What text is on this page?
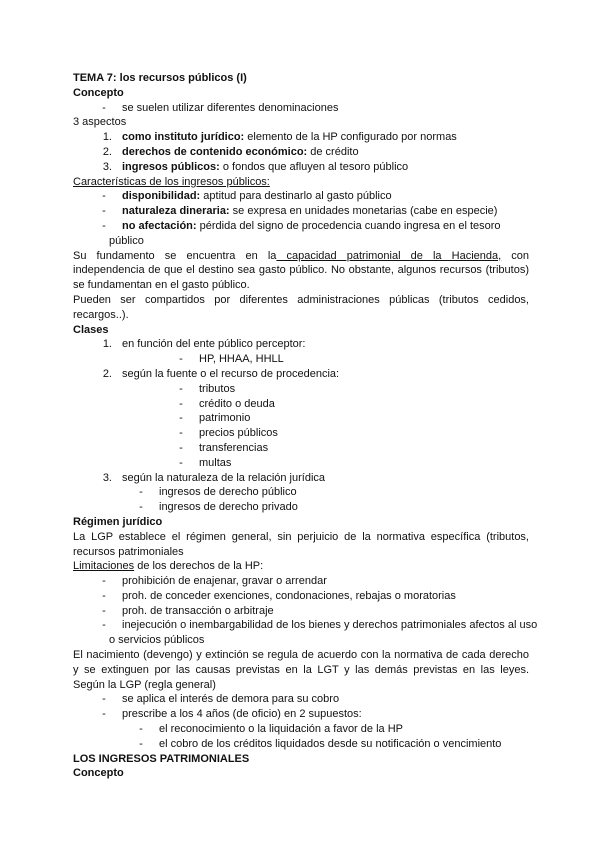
TEMA 7: los recursos públicos (I)
Concepto
- se suelen utilizar diferentes denominaciones
3 aspectos
1. como instituto jurídico: elemento de la HP configurado por normas
2. derechos de contenido económico: de crédito
3. ingresos públicos: o fondos que afluyen al tesoro público
Características de los ingresos públicos:
- disponibilidad: aptitud para destinarlo al gasto público
- naturaleza dineraria: se expresa en unidades monetarias (cabe en especie)
- no afectación: pérdida del signo de procedencia cuando ingresa en el tesoro
público
Su fundamento se encuentra en la capacidad patrimonial de la Hacienda, con
independencia de que el destino sea gasto público. No obstante, algunos recursos (tributos)
se fundamentan en el gasto público.
Pueden ser compartidos por diferentes administraciones públicas (tributos cedidos,
recargos..).
Clases
1. en función del ente público perceptor:
- HP, HHAA, HHLL
2. según la fuente o el recurso de procedencia:
- tributos
- crédito o deuda
- patrimonio
- precios públicos
- transferencias
- multas
3. según la naturaleza de la relación jurídica
- ingresos de derecho público
- ingresos de derecho privado
Régimen jurídico
La LGP establece el régimen general, sin perjuicio de la normativa específica (tributos,
recursos patrimoniales
Limitaciones de los derechos de la HP:
- prohibición de enajenar, gravar o arrendar
- proh. de conceder exenciones, condonaciones, rebajas o moratorias
- proh. de transacción o arbitraje
- inejecución o inembargabilidad de los bienes y derechos patrimoniales afectos al uso
o servicios públicos
El nacimiento (devengo) y extinción se regula de acuerdo con la normativa de cada derecho
y se extinguen por las causas previstas en la LGT y las demás previstas en las leyes.
Según la LGP (regla general)
- se aplica el interés de demora para su cobro
- prescribe a los 4 años (de oficio) en 2 supuestos:
- el reconocimiento o la liquidación a favor de la HP
- el cobro de los créditos liquidados desde su notificación o vencimiento
LOS INGRESOS PATRIMONIALES
Concepto
